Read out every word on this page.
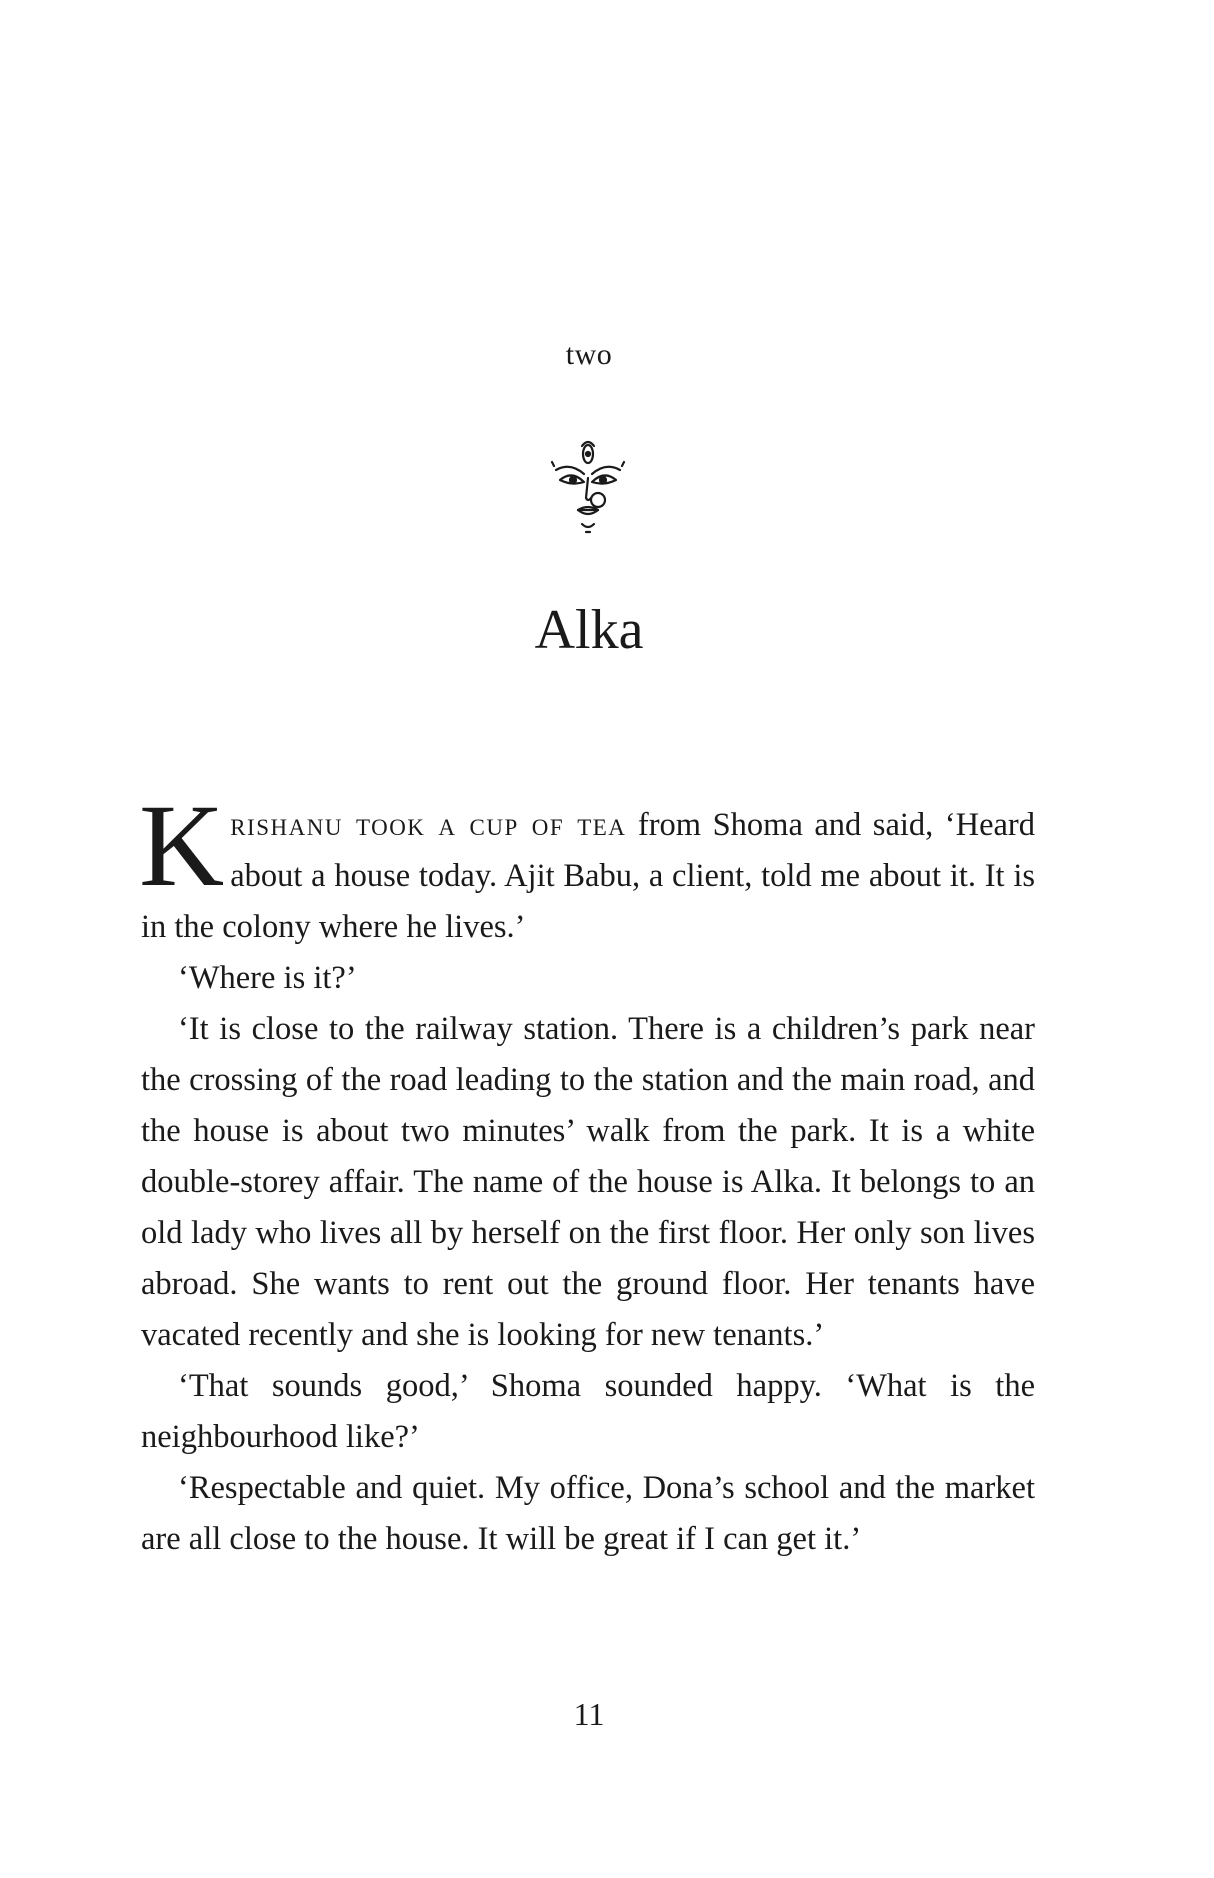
two
Alka

Krishanu took a cup of tea from Shoma and said, ‘Heard about a house today. Ajit Babu, a client, told me about it. It is in the colony where he lives.’

‘Where is it?’

‘It is close to the railway station. There is a children’s park near the crossing of the road leading to the station and the main road, and the house is about two minutes’ walk from the park. It is a white double-storey affair. The name of the house is Alka. It belongs to an old lady who lives all by herself on the first floor. Her only son lives abroad. She wants to rent out the ground floor. Her tenants have vacated recently and she is looking for new tenants.’

‘That sounds good,’ Shoma sounded happy. ‘What is the neighbourhood like?’

‘Respectable and quiet. My office, Dona’s school and the market are all close to the house. It will be great if I can get it.’

11
